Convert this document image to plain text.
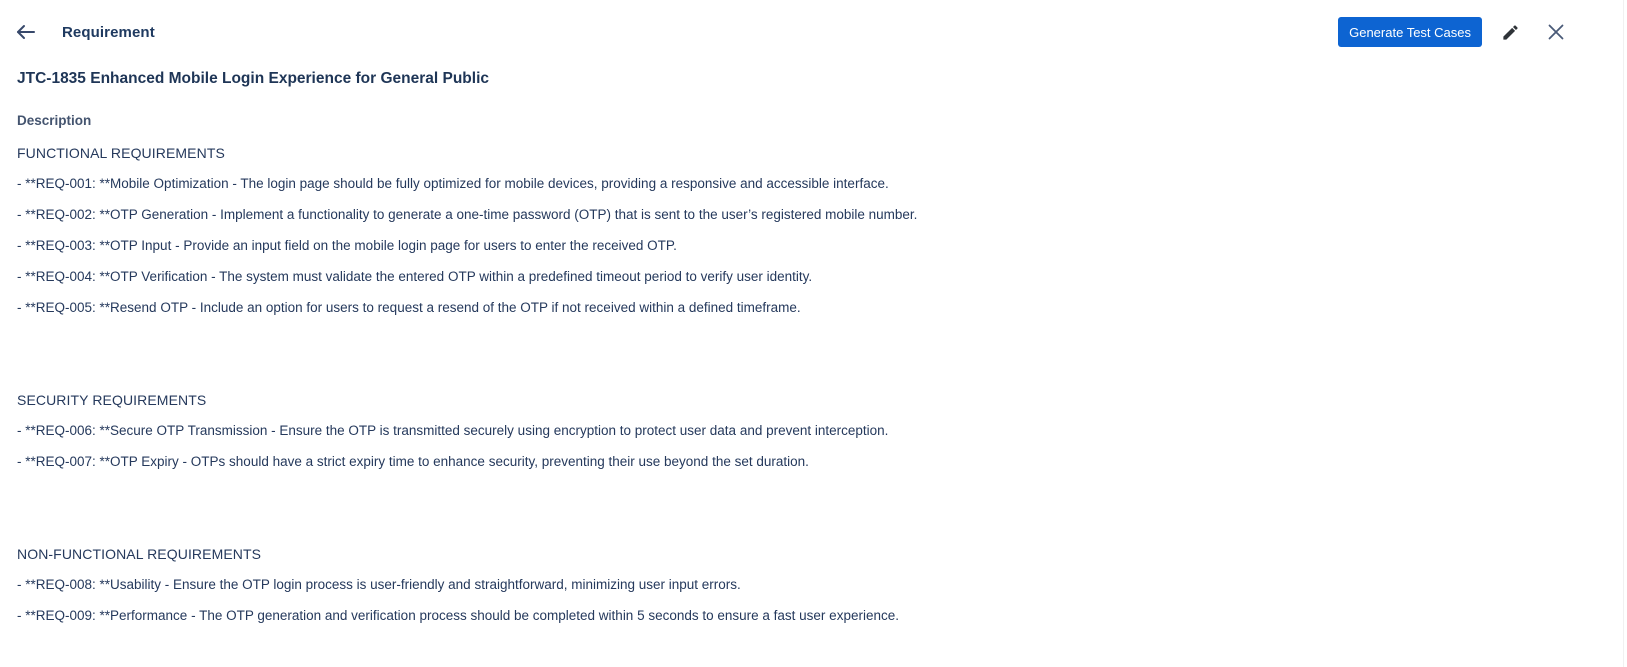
Requirement	Generate Test Cases
JTC-1835 Enhanced Mobile Login Experience for General Public

Description

FUNCTIONAL REQUIREMENTS

- **REQ-001: **Mobile Optimization - The login page should be fully optimized for mobile devices, providing a responsive and accessible interface.

- **REQ-002: **OTP Generation - Implement a functionality to generate a one-time password (OTP) that is sent to the user’s registered mobile number.

- **REQ-003: **OTP Input - Provide an input field on the mobile login page for users to enter the received OTP.

- **REQ-004: **OTP Verification - The system must validate the entered OTP within a predefined timeout period to verify user identity.

- **REQ-005: **Resend OTP - Include an option for users to request a resend of the OTP if not received within a defined timeframe.

SECURITY REQUIREMENTS

- **REQ-006: **Secure OTP Transmission - Ensure the OTP is transmitted securely using encryption to protect user data and prevent interception.

- **REQ-007: **OTP Expiry - OTPs should have a strict expiry time to enhance security, preventing their use beyond the set duration.

NON-FUNCTIONAL REQUIREMENTS

- **REQ-008: **Usability - Ensure the OTP login process is user-friendly and straightforward, minimizing user input errors.

- **REQ-009: **Performance - The OTP generation and verification process should be completed within 5 seconds to ensure a fast user experience.
